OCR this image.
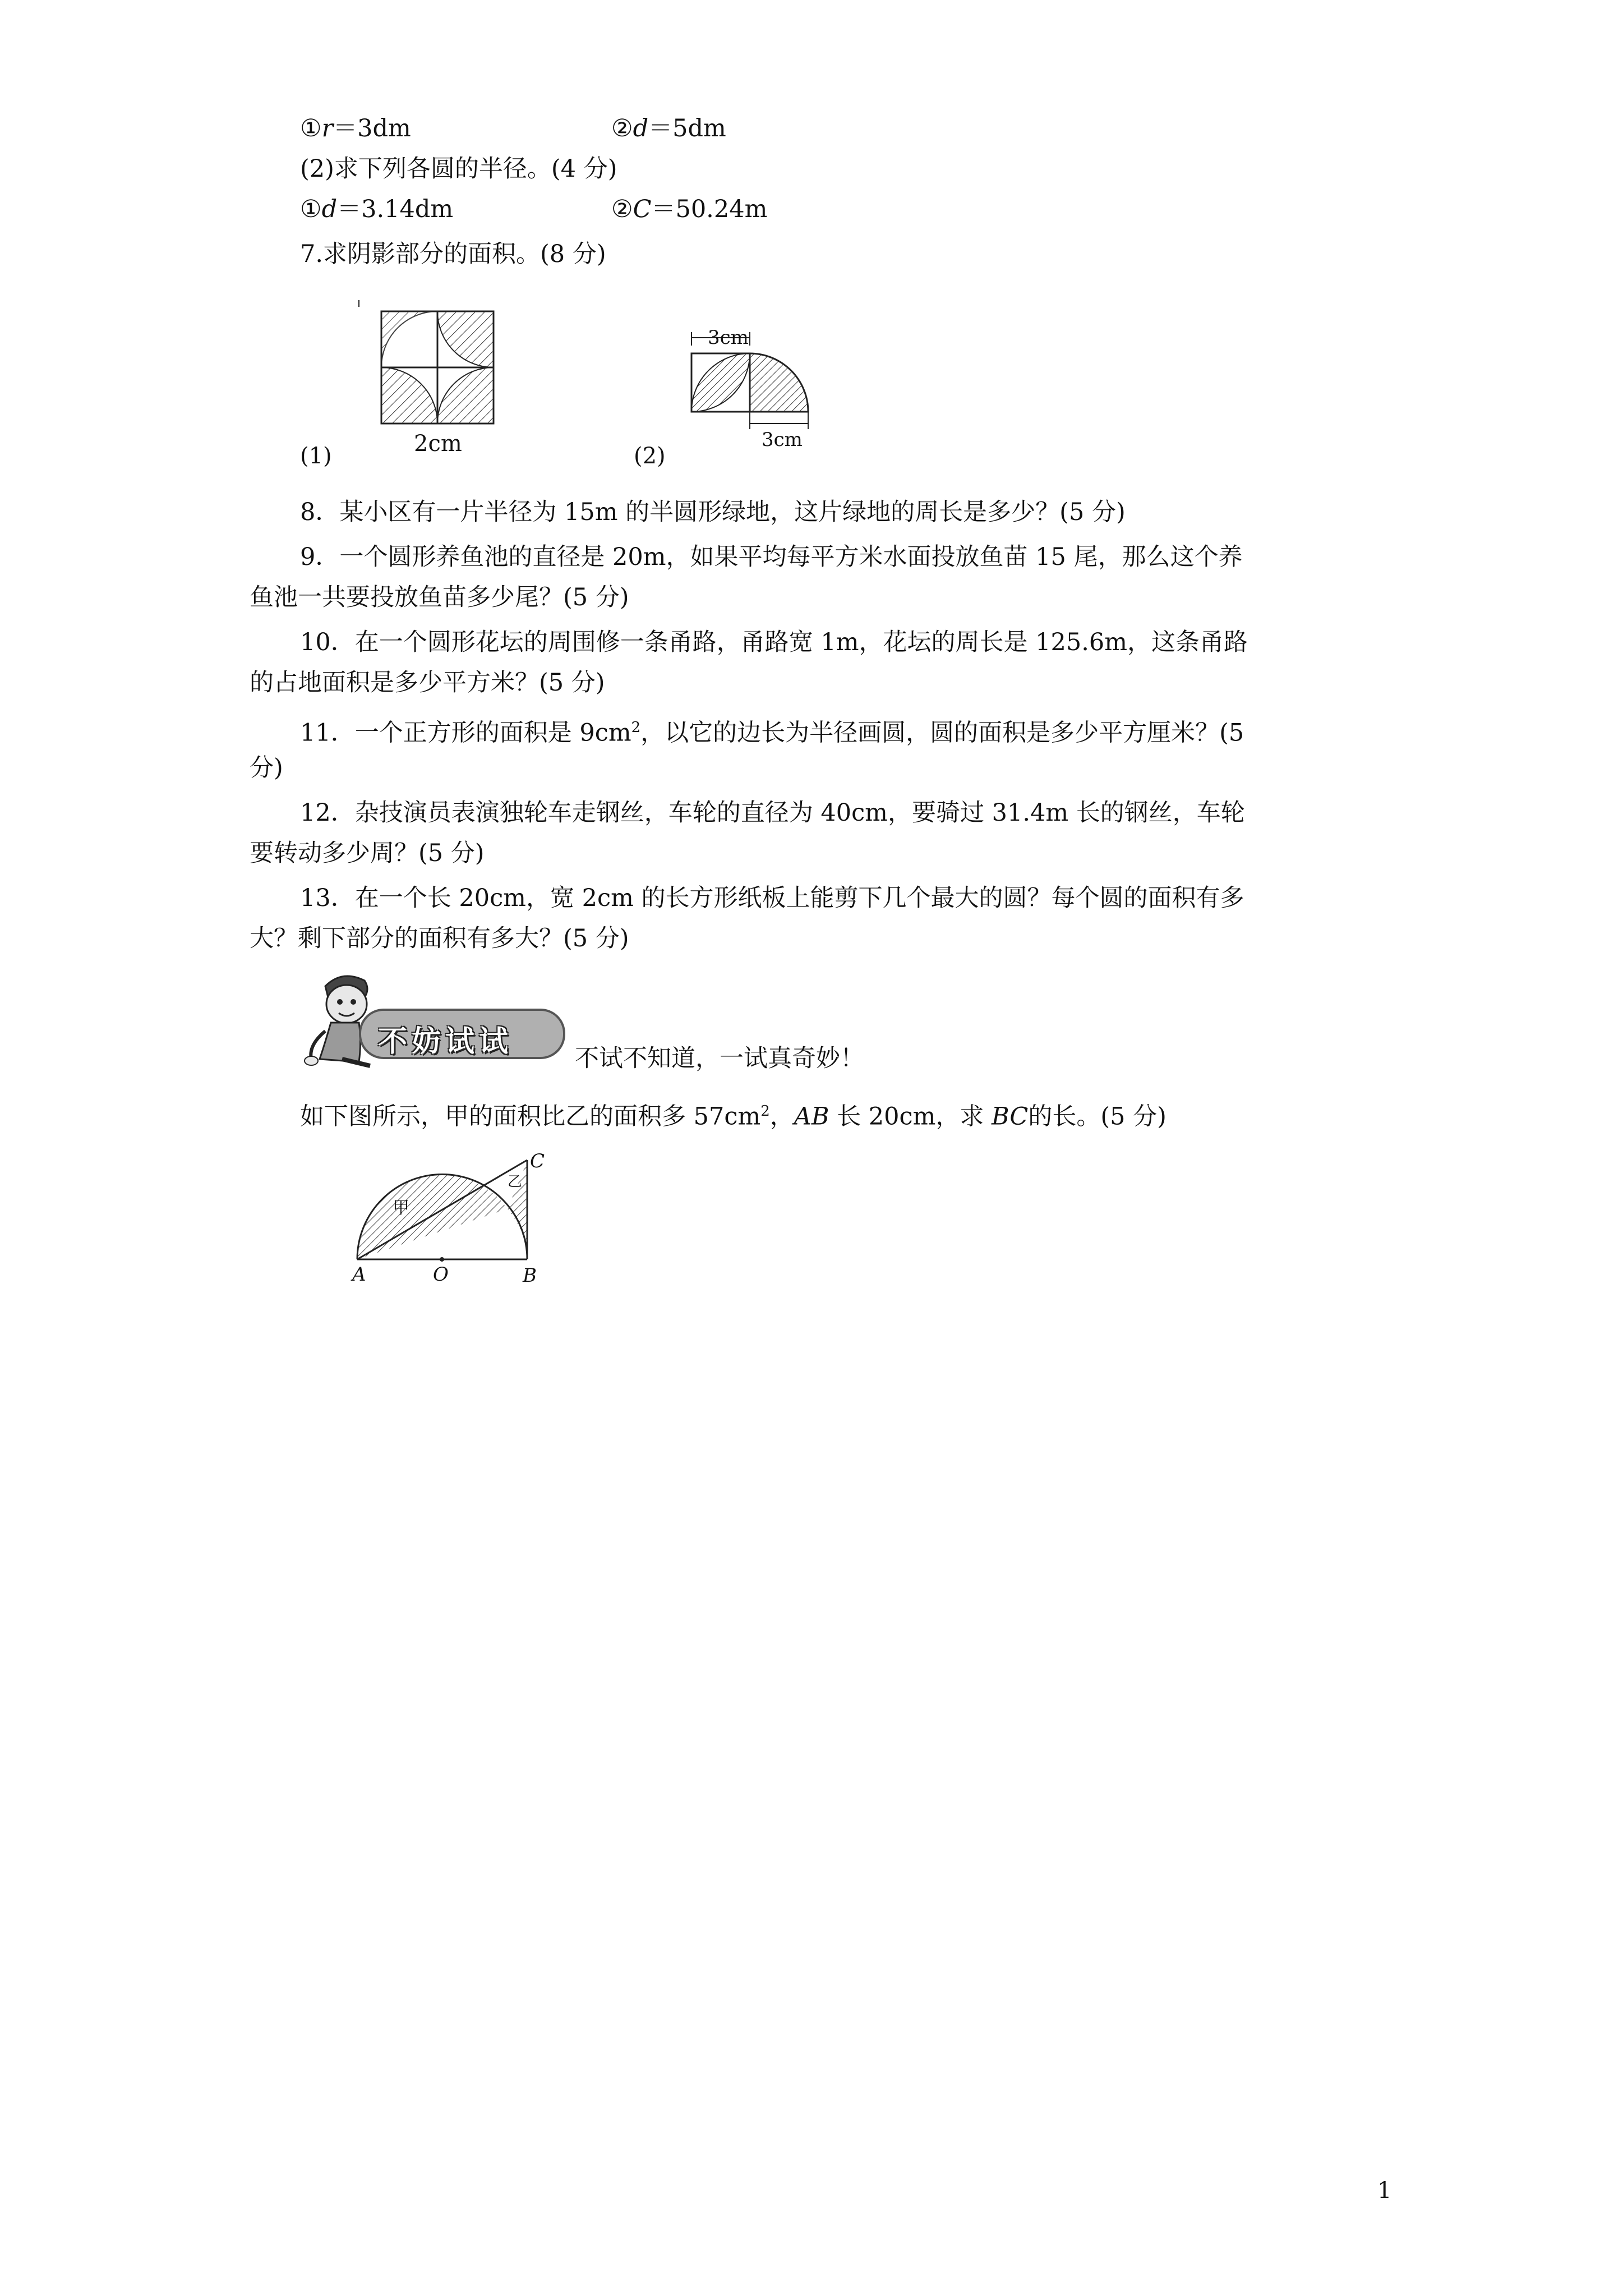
①r＝3dm	②d＝5dm
(2)求下列各圆的半径。(4 分)
①d＝3.14dm	②C＝50.24m
7.求阴影部分的面积。(8 分)
2cm
(1)
3cm
3cm
(2)
8．某小区有一片半径为 15m 的半圆形绿地，这片绿地的周长是多少？(5 分)
9．一个圆形养鱼池的直径是 20m，如果平均每平方米水面投放鱼苗 15 尾，那么这个养
鱼池一共要投放鱼苗多少尾？(5 分)
10．在一个圆形花坛的周围修一条甬路，甬路宽 1m，花坛的周长是 125.6m，这条甬路
的占地面积是多少平方米？(5 分)
11．一个正方形的面积是 $9cm^2$，以它的边长为半径画圆，圆的面积是多少平方厘米？(5
分)
12．杂技演员表演独轮车走钢丝，车轮的直径为 40cm，要骑过 31.4m 长的钢丝，车轮
要转动多少周？(5 分)
13．在一个长 20cm，宽 2cm 的长方形纸板上能剪下几个最大的圆？每个圆的面积有多
大？剩下部分的面积有多大？(5 分)
不妨试试	不试不知道，一试真奇妙！
如下图所示，甲的面积比乙的面积多 $57cm^2$，AB 长 20cm，求 BC的长。(5 分)
甲
乙
C
A	O	B
1
